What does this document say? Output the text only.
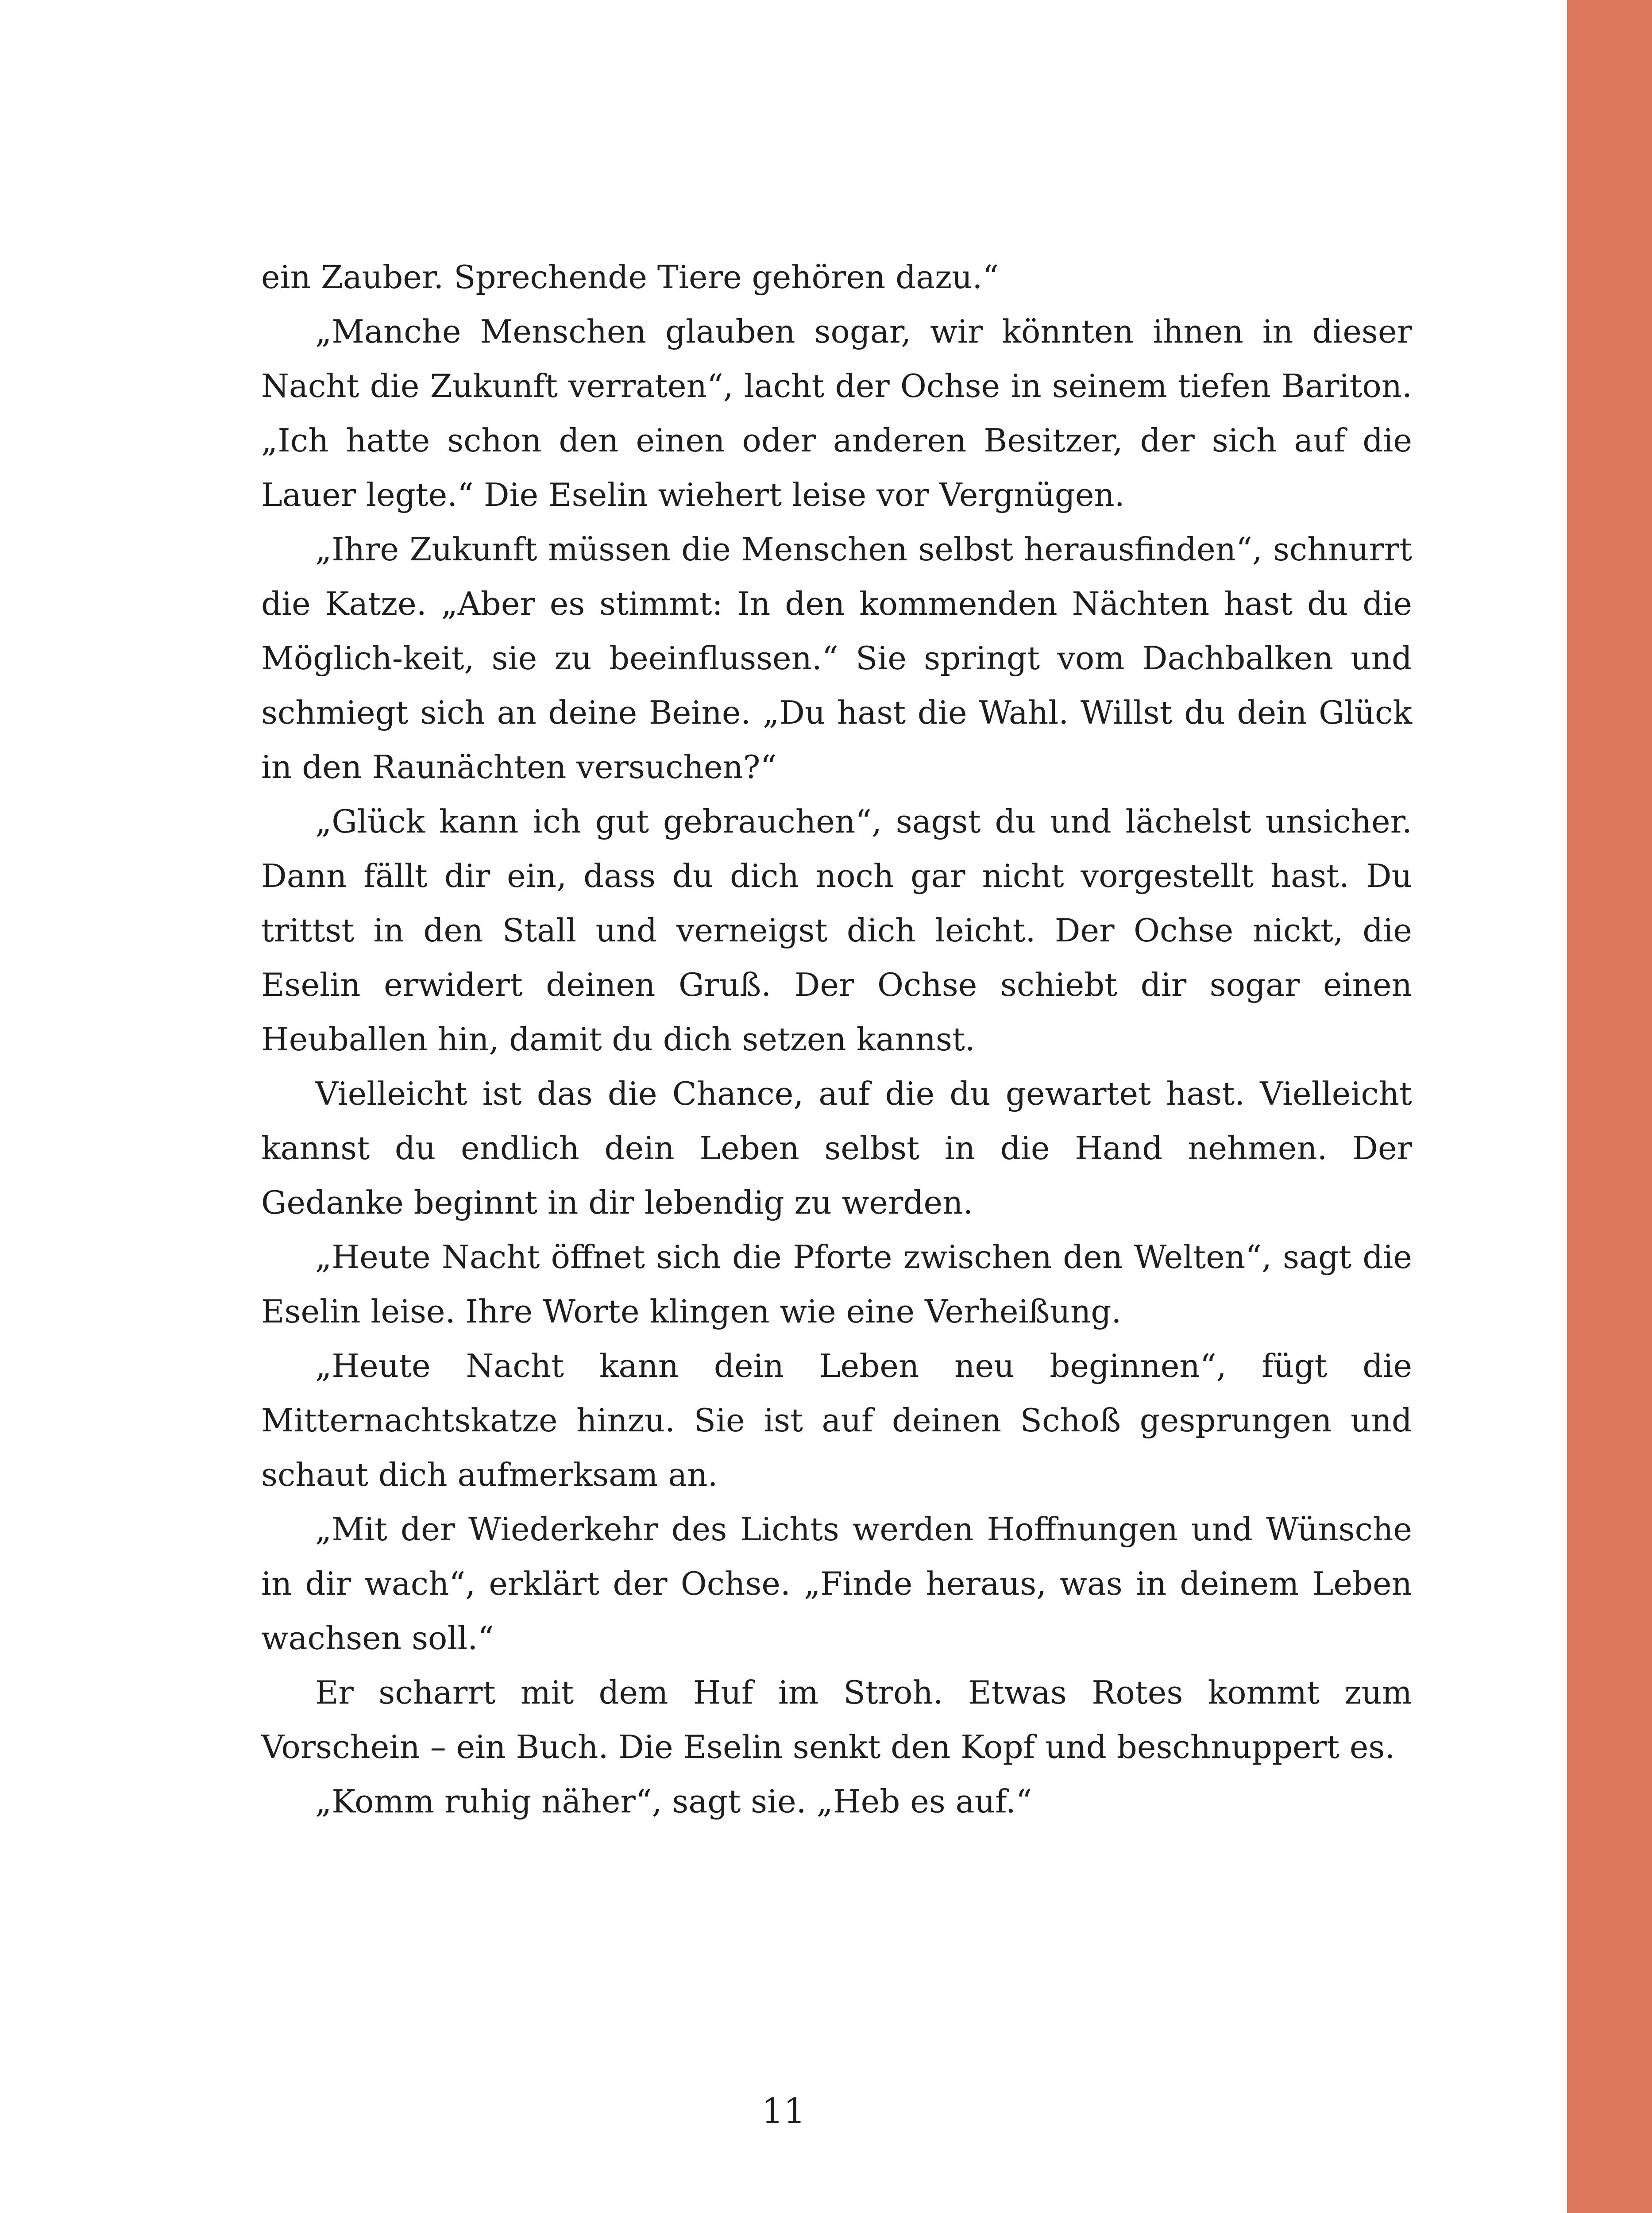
ein Zauber. Sprechende Tiere gehören dazu.“

„Manche Menschen glauben sogar, wir könnten ihnen in dieser Nacht die Zukunft verraten“, lacht der Ochse in seinem tiefen Bariton. „Ich hatte schon den einen oder anderen Besitzer, der sich auf die Lauer legte.“ Die Eselin wiehert leise vor Vergnügen.

„Ihre Zukunft müssen die Menschen selbst herausfinden“, schnurrt die Katze. „Aber es stimmt: In den kommenden Nächten hast du die Möglich-keit, sie zu beeinflussen.“ Sie springt vom Dachbalken und schmiegt sich an deine Beine. „Du hast die Wahl. Willst du dein Glück in den Raunächten versuchen?“

„Glück kann ich gut gebrauchen“, sagst du und lächelst unsicher. Dann fällt dir ein, dass du dich noch gar nicht vorgestellt hast. Du trittst in den Stall und verneigst dich leicht. Der Ochse nickt, die Eselin erwidert deinen Gruß. Der Ochse schiebt dir sogar einen Heuballen hin, damit du dich setzen kannst.

Vielleicht ist das die Chance, auf die du gewartet hast. Vielleicht kannst du endlich dein Leben selbst in die Hand nehmen. Der Gedanke beginnt in dir lebendig zu werden.

„Heute Nacht öffnet sich die Pforte zwischen den Welten“, sagt die Eselin leise. Ihre Worte klingen wie eine Verheißung.

„Heute Nacht kann dein Leben neu beginnen“, fügt die Mitternachtskatze hinzu. Sie ist auf deinen Schoß gesprungen und schaut dich aufmerksam an.

„Mit der Wiederkehr des Lichts werden Hoffnungen und Wünsche in dir wach“, erklärt der Ochse. „Finde heraus, was in deinem Leben wachsen soll.“

Er scharrt mit dem Huf im Stroh. Etwas Rotes kommt zum Vorschein – ein Buch. Die Eselin senkt den Kopf und beschnuppert es.

„Komm ruhig näher“, sagt sie. „Heb es auf.“

11
